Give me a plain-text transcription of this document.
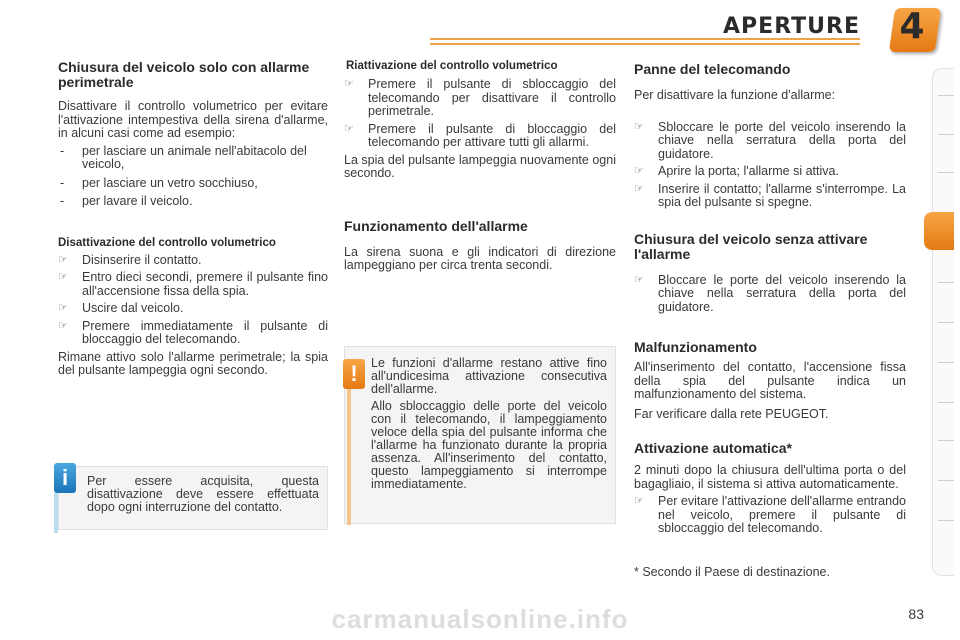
APERTURE 4
Chiusura del veicolo solo con allarme perimetrale

Disattivare il controllo volumetrico per evitare l'attivazione intempestiva della sirena d'allarme, in alcuni casi come ad esempio:

- per lasciare un animale nell'abitacolo del veicolo,
- per lasciare un vetro socchiuso,
- per lavare il veicolo.
Disattivazione del controllo volumetrico
☞ Disinserire il contatto.
☞ Entro dieci secondi, premere il pulsante fino all'accensione fissa della spia.
☞ Uscire dal veicolo.
☞ Premere immediatamente il pulsante di bloccaggio del telecomando.

Rimane attivo solo l'allarme perimetrale; la spia del pulsante lampeggia ogni secondo.

i	Per essere acquisita, questa disattivazione deve essere effettuata dopo ogni interruzione del contatto.

Riattivazione del controllo volumetrico
☞ Premere il pulsante di sbloccaggio del telecomando per disattivare il controllo perimetrale.
☞ Premere il pulsante di bloccaggio del telecomando per attivare tutti gli allarmi.

La spia del pulsante lampeggia nuovamente ogni secondo.

Funzionamento dell'allarme

La sirena suona e gli indicatori di direzione lampeggiano per circa trenta secondi.

!	Le funzioni d'allarme restano attive fino all'undicesima attivazione consecutiva dell'allarme.

Allo sbloccaggio delle porte del veicolo con il telecomando, il lampeggiamento veloce della spia del pulsante informa che l'allarme ha funzionato durante la propria assenza. All'inserimento del contatto, questo lampeggiamento si interrompe immediatamente.

Panne del telecomando

Per disattivare la funzione d'allarme:

☞ Sbloccare le porte del veicolo inserendo la chiave nella serratura della porta del guidatore.
☞ Aprire la porta; l'allarme si attiva.
☞ Inserire il contatto; l'allarme s'interrompe. La spia del pulsante si spegne.
Chiusura del veicolo senza attivare l'allarme
☞ Bloccare le porte del veicolo inserendo la chiave nella serratura della porta del guidatore.
Malfunzionamento

All'inserimento del contatto, l'accensione fissa della spia del pulsante indica un malfunzionamento del sistema.

Far verificare dalla rete PEUGEOT.

Attivazione automatica*

2 minuti dopo la chiusura dell'ultima porta o del bagagliaio, il sistema si attiva automaticamente.

☞ Per evitare l'attivazione dell'allarme entrando nel veicolo, premere il pulsante di sbloccaggio del telecomando.

* Secondo il Paese di destinazione.

carmanualsonline.info	83
